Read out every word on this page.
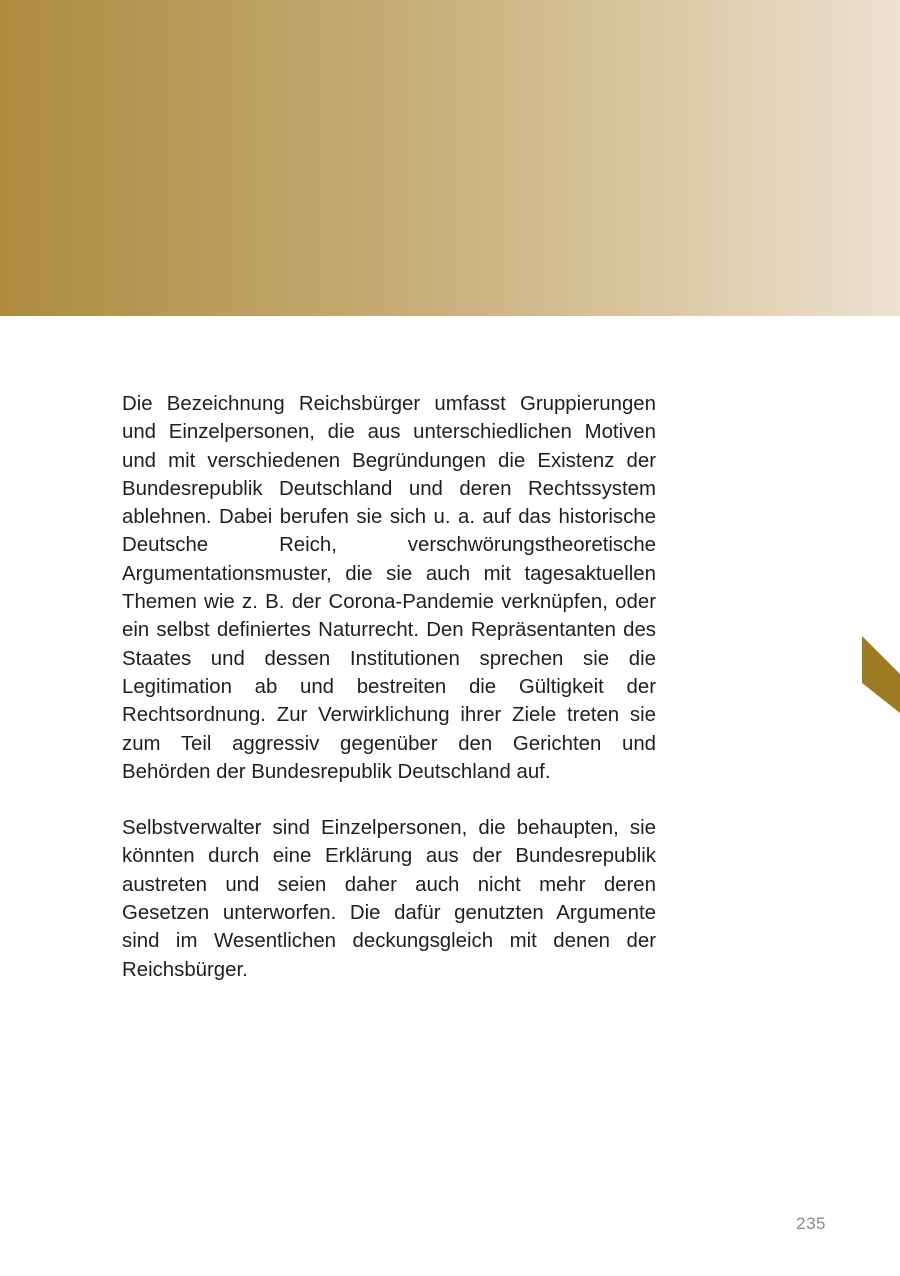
Die Bezeichnung Reichsbürger umfasst Gruppierungen und Einzelpersonen, die aus unterschiedlichen Motiven und mit verschiedenen Begründungen die Existenz der Bundesrepublik Deutschland und deren Rechtssystem ablehnen. Dabei berufen sie sich u. a. auf das historische Deutsche Reich, verschwörungstheoretische Argumentationsmuster, die sie auch mit tagesaktuellen Themen wie z. B. der Corona-Pandemie verknüpfen, oder ein selbst definiertes Naturrecht. Den Repräsentanten des Staates und dessen Institutionen sprechen sie die Legitimation ab und bestreiten die Gültigkeit der Rechtsordnung. Zur Verwirklichung ihrer Ziele treten sie zum Teil aggressiv gegenüber den Gerichten und Behörden der Bundesrepublik Deutschland auf.

Selbstverwalter sind Einzelpersonen, die behaupten, sie könnten durch eine Erklärung aus der Bundesrepublik austreten und seien daher auch nicht mehr deren Gesetzen unterworfen. Die dafür genutzten Argumente sind im Wesentlichen deckungsgleich mit denen der Reichsbürger.

235
